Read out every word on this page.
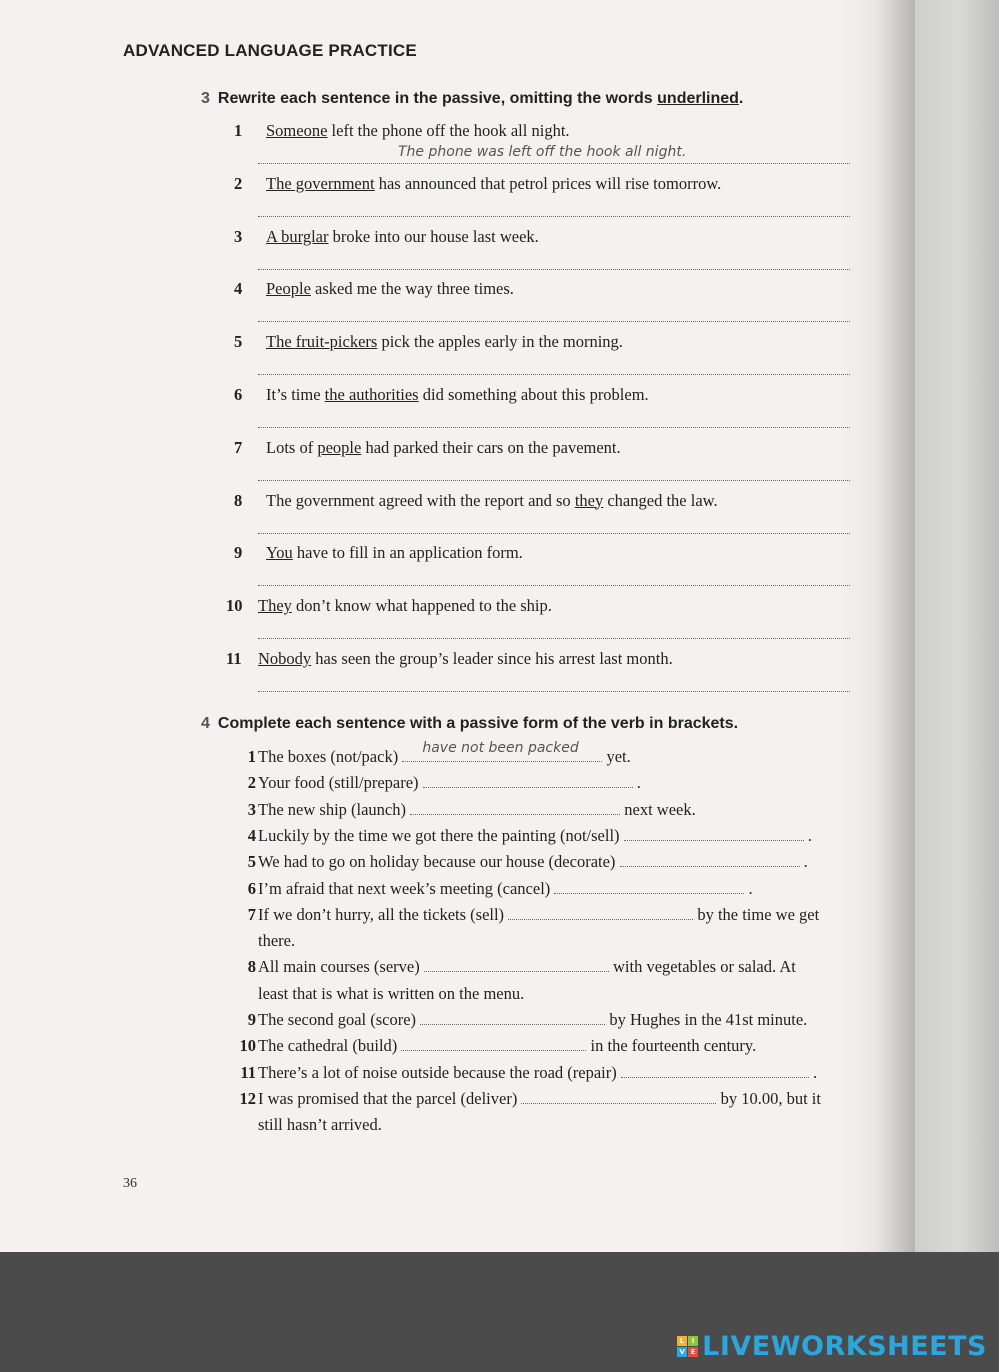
ADVANCED LANGUAGE PRACTICE
3 Rewrite each sentence in the passive, omitting the words underlined.
1 Someone left the phone off the hook all night.
The phone was left off the hook all night.
2 The government has announced that petrol prices will rise tomorrow.
3 A burglar broke into our house last week.
4 People asked me the way three times.
5 The fruit-pickers pick the apples early in the morning.
6 It’s time the authorities did something about this problem.
7 Lots of people had parked their cars on the pavement.
8 The government agreed with the report and so they changed the law.
9 You have to fill in an application form.
10 They don’t know what happened to the ship.
11 Nobody has seen the group’s leader since his arrest last month.
4 Complete each sentence with a passive form of the verb in brackets.
1 The boxes (not/pack) have not been packed yet.
2 Your food (still/prepare)	.
3 The new ship (launch)	next week.
4 Luckily by the time we got there the painting (not/sell)	.
5 We had to go on holiday because our house (decorate)	.
6 I’m afraid that next week’s meeting (cancel)	.
7 If we don’t hurry, all the tickets (sell)	by the time we get
there.
8 All main courses (serve)	with vegetables or salad. At
least that is what is written on the menu.
9 The second goal (score)	by Hughes in the 41st minute.
10 The cathedral (build)	in the fourteenth century.
11 There’s a lot of noise outside because the road (repair)	.
12 I was promised that the parcel (deliver)	by 10.00, but it
still hasn’t arrived.
36
L	I
V E LIVEWORKSHEETS
